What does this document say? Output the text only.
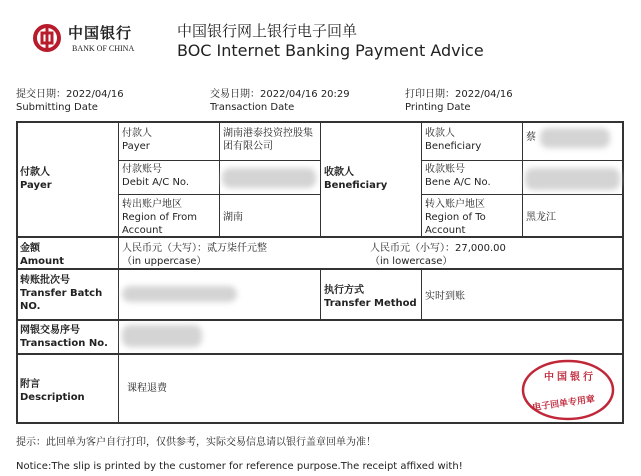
中国银行
BANK OF CHINA
中国银行网上银行电子回单
BOC Internet Banking Payment Advice
提交日期：2022/04/16
Submitting Date
交易日期：2022/04/16 20:29
Transaction Date
打印日期：2022/04/16
Printing Date
付款人
Payer
付款人
Payer
湖南港泰投资控股集团有限公司
付款账号
Debit A/C No.
转出账户地区
Region of From Account
湖南
收款人
Beneficiary
收款人
Beneficiary
蔡
收款账号
Bene A/C No.
转入账户地区
Region of To Account
黑龙江
金额
Amount
人民币元（大写）：贰万柒仟元整
（in uppercase）
人民币元（小写）：27,000.00
（in lowercase）
转账批次号
Transfer Batch NO.
执行方式
Transfer Method
实时到账
网银交易序号
Transaction No.
附言
Description
课程退费
中国银行
电子回单专用章
提示：此回单为客户自行打印，仅供参考，实际交易信息请以银行盖章回单为准！
Notice:The slip is printed by the customer for reference purpose.The receipt affixed with!
